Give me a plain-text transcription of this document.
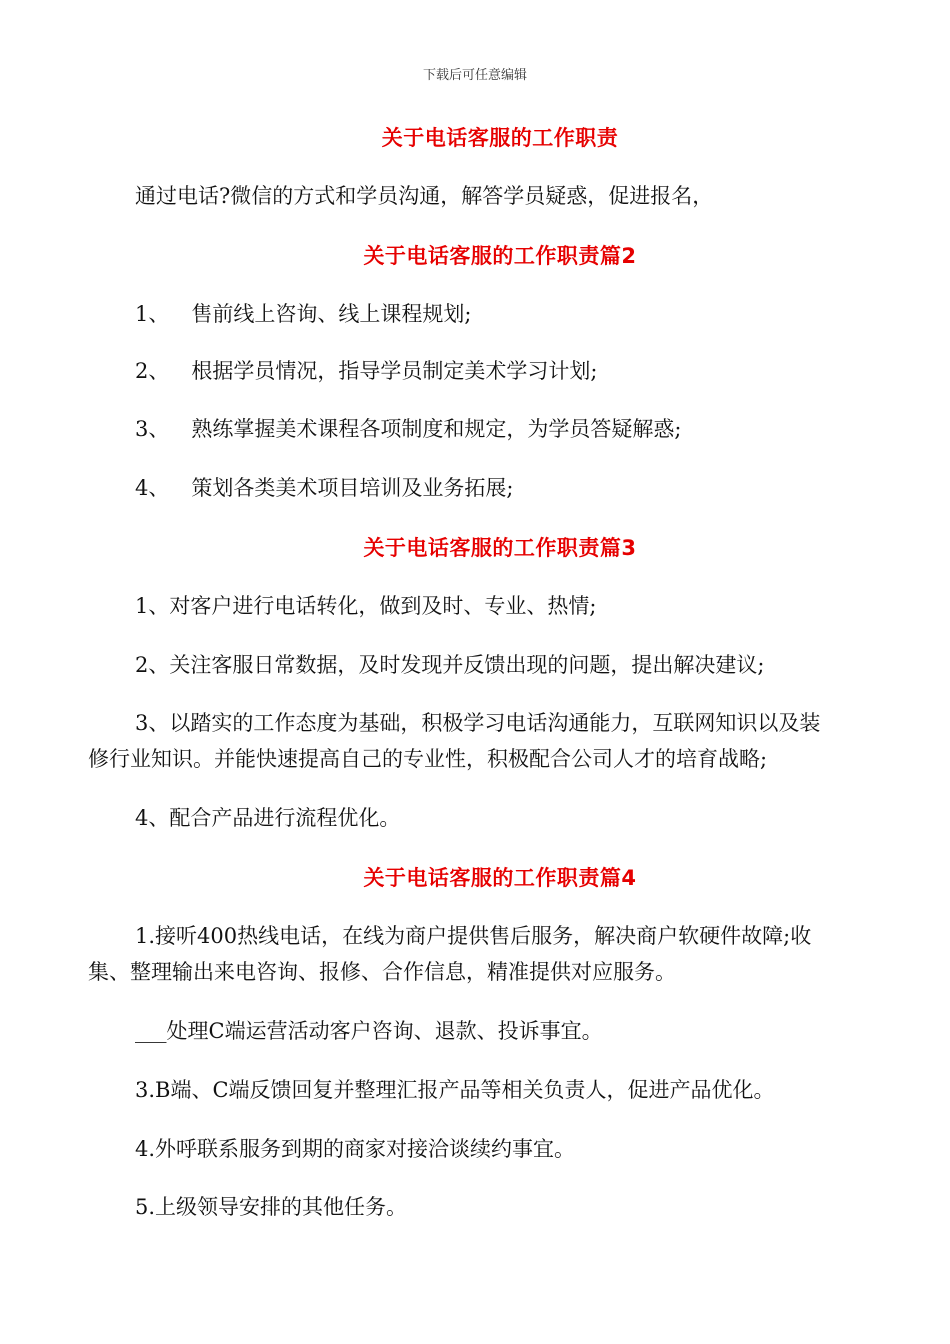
下载后可任意编辑
关于电话客服的工作职责
通过电话?微信的方式和学员沟通，解答学员疑惑，促进报名，
关于电话客服的工作职责篇2
1、 售前线上咨询、线上课程规划;
2、 根据学员情况，指导学员制定美术学习计划;
3、 熟练掌握美术课程各项制度和规定，为学员答疑解惑;
4、 策划各类美术项目培训及业务拓展;
关于电话客服的工作职责篇3
1、对客户进行电话转化，做到及时、专业、热情;
2、关注客服日常数据，及时发现并反馈出现的问题，提出解决建议;
3、以踏实的工作态度为基础，积极学习电话沟通能力，互联网知识以及装
修行业知识。并能快速提高自己的专业性，积极配合公司人才的培育战略;
4、配合产品进行流程优化。
关于电话客服的工作职责篇4
1.接听400热线电话，在线为商户提供售后服务，解决商户软硬件故障;收
集、整理输出来电咨询、报修、合作信息，精准提供对应服务。
___处理C端运营活动客户咨询、退款、投诉事宜。
3.B端、C端反馈回复并整理汇报产品等相关负责人，促进产品优化。
4.外呼联系服务到期的商家对接洽谈续约事宜。
5.上级领导安排的其他任务。
